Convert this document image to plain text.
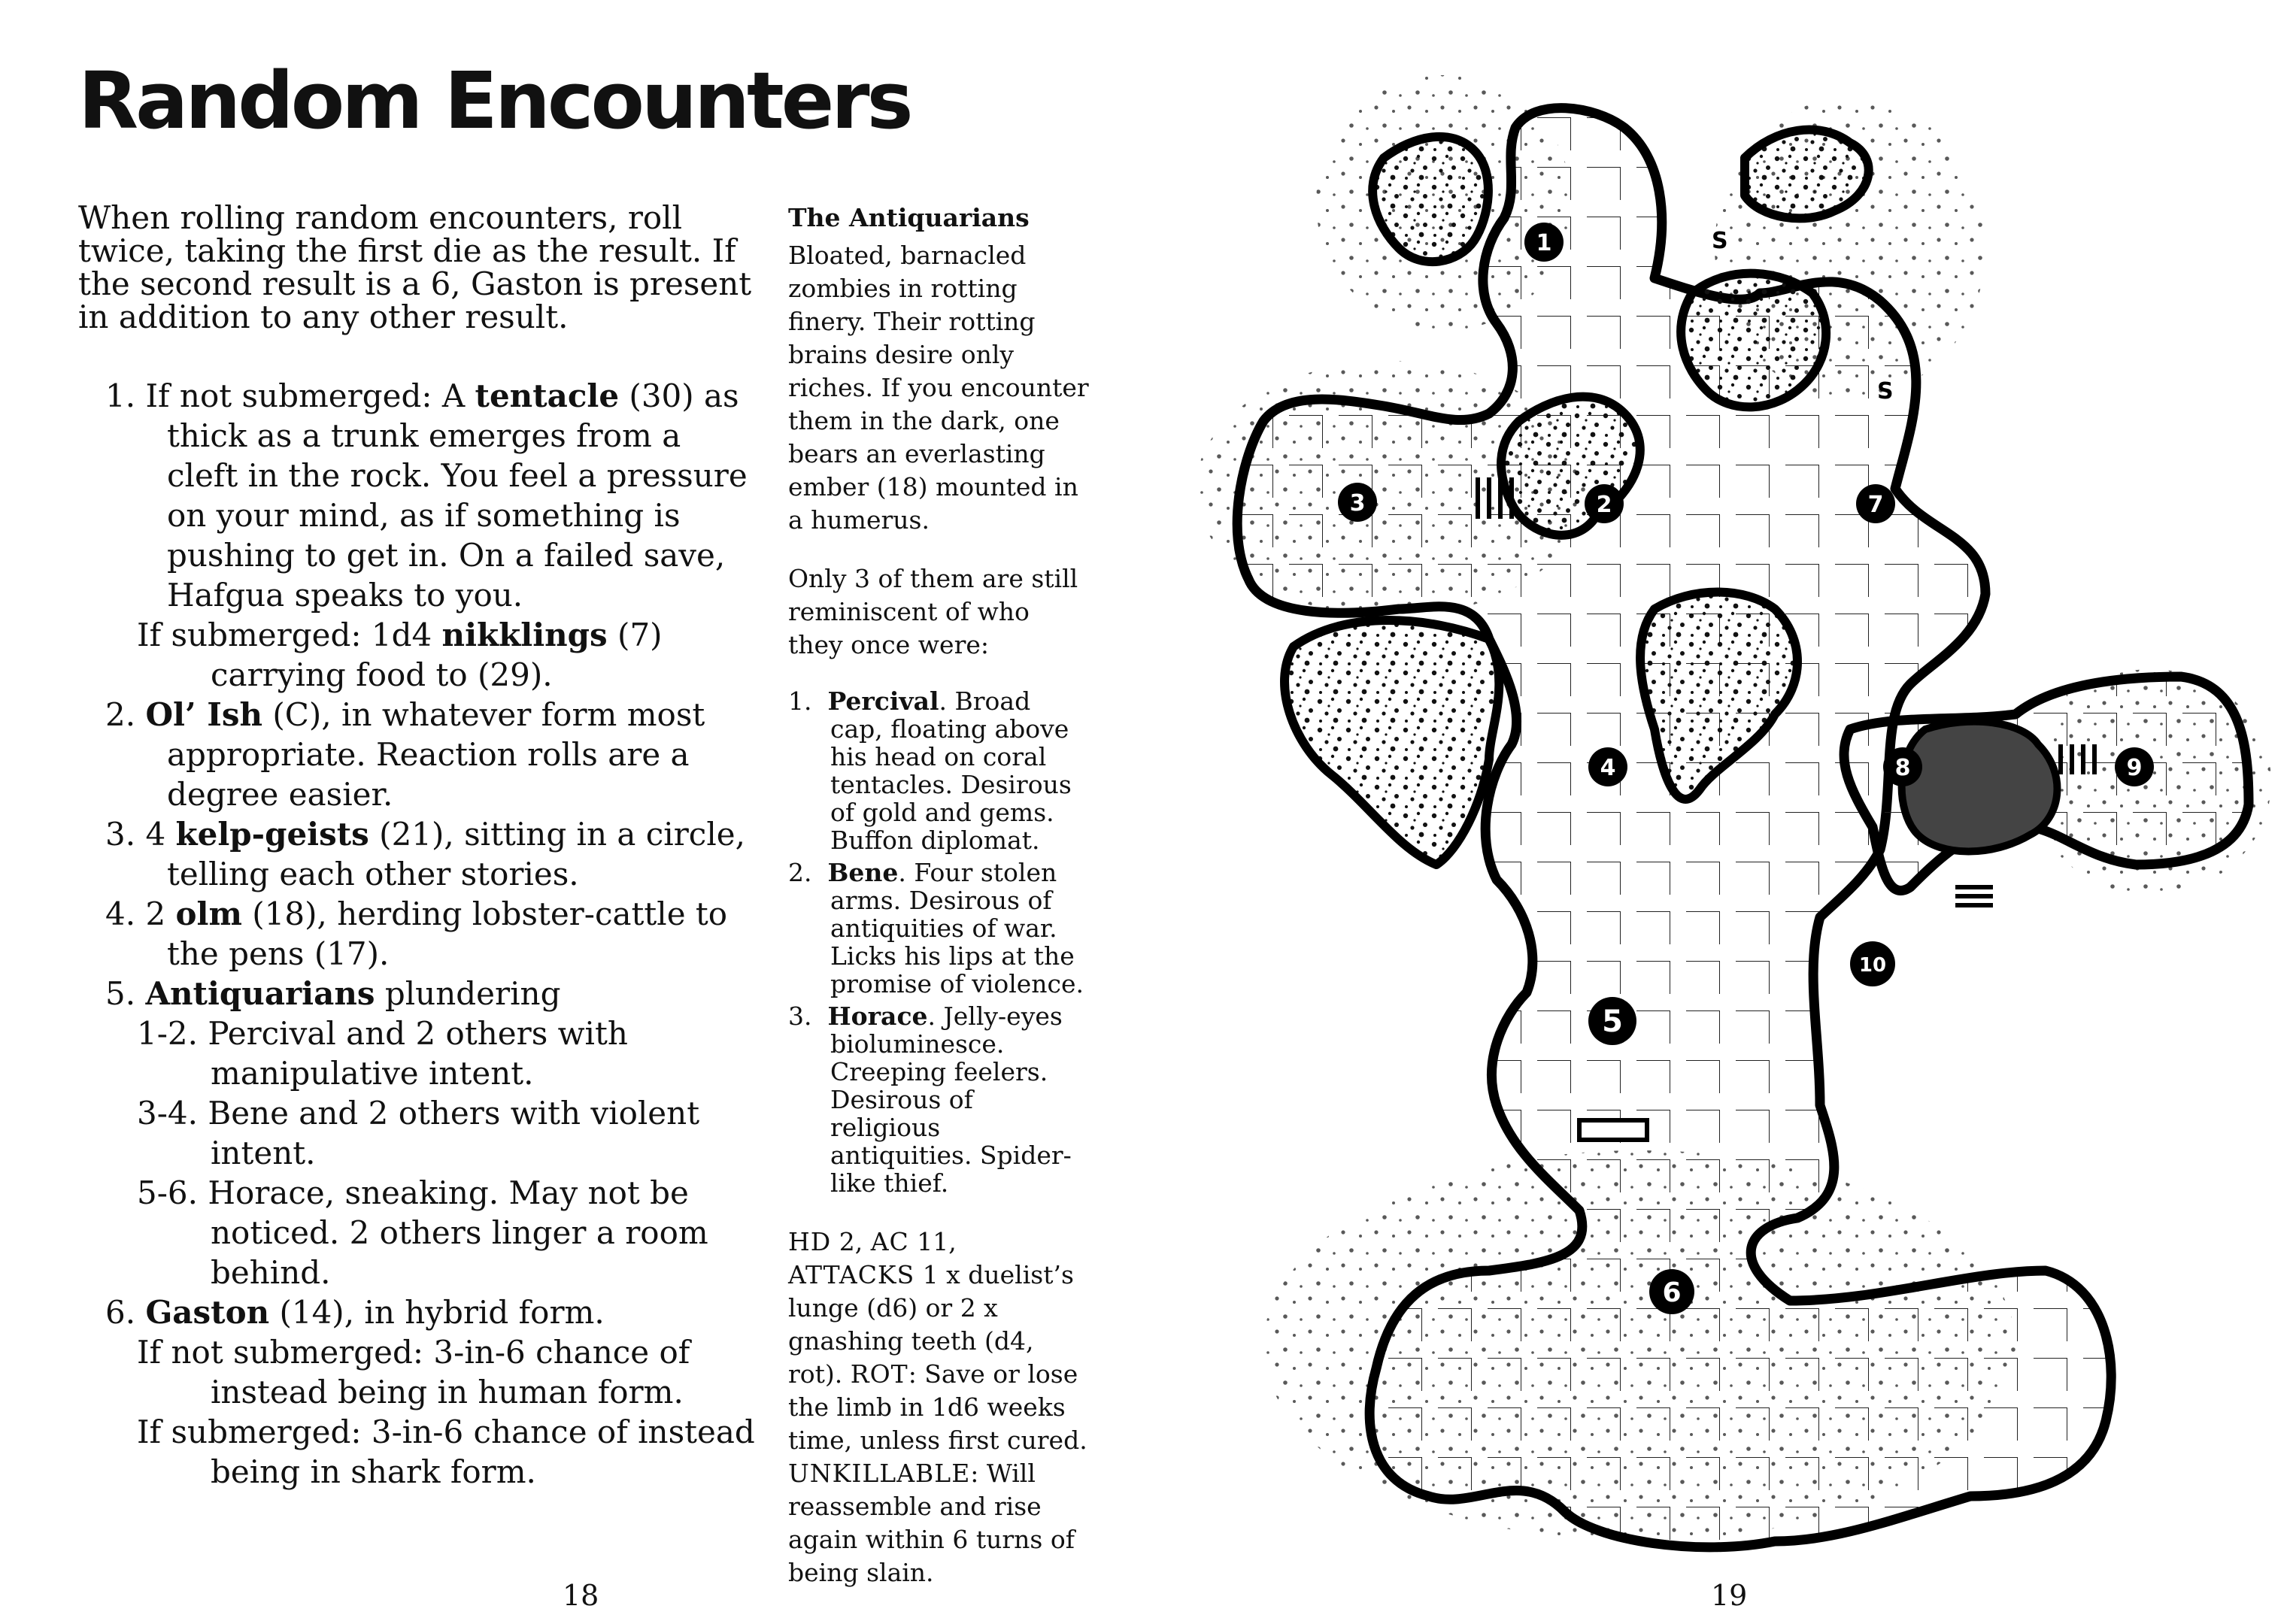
Random Encounters

When rolling random encounters, roll twice, taking the first die as the result. If the second result is a 6, Gaston is present in addition to any other result.

1. If not submerged: A tentacle (30) as thick as a trunk emerges from a cleft in the rock. You feel a pressure on your mind, as if something is pushing to get in. On a failed save, Hafgua speaks to you.
If submerged: 1d4 nikklings (7) carrying food to (29).
2. Ol’ Ish (C), in whatever form most appropriate. Reaction rolls are a degree easier.
3. 4 kelp-geists (21), sitting in a circle, telling each other stories.
4. 2 olm (18), herding lobster-cattle to the pens (17).
5. Antiquarians plundering
1-2. Percival and 2 others with manipulative intent.
3-4. Bene and 2 others with violent intent.
5-6. Horace, sneaking. May not be noticed. 2 others linger a room behind.
6. Gaston (14), in hybrid form.
If not submerged: 3-in-6 chance of instead being in human form.
If submerged: 3-in-6 chance of instead being in shark form.
The Antiquarians

Bloated, barnacled zombies in rotting finery. Their rotting brains desire only riches. If you encounter them in the dark, one bears an everlasting ember (18) mounted in a humerus.

Only 3 of them are still reminiscent of who they once were:

1. Percival. Broad cap, floating above his head on coral tentacles. Desirous of gold and gems. Buffon diplomat.
2. Bene. Four stolen arms. Desirous of antiquities of war. Licks his lips at the promise of violence.
3. Horace. Jelly-eyes bioluminesce. Creeping feelers. Desirous of religious antiquities. Spider-like thief.
HD 2, AC 11, ATTACKS 1 x duelist’s lunge (d6) or 2 x gnashing teeth (d4, rot). ROT: Save or lose the limb in 1d6 weeks time, unless first cured. UNKILLABLE: Will reassemble and rise again within 6 turns of being slain.
1
2
3
4
5
6
7
8	9
10
S
S
18	19
